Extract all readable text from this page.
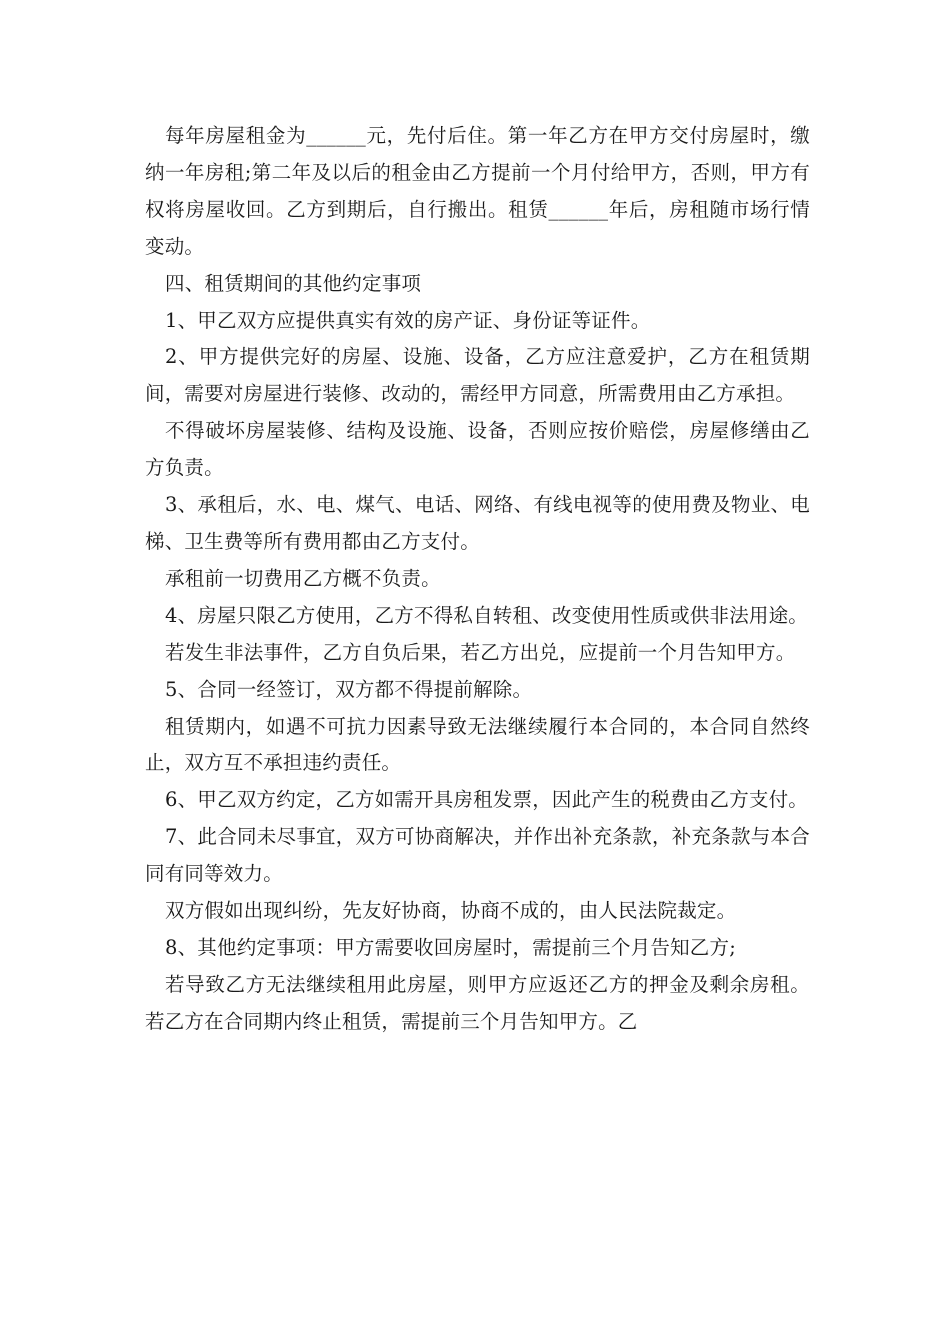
每年房屋租金为______元，先付后住。第一年乙方在甲方交付房屋时，缴纳一年房租;第二年及以后的租金由乙方提前一个月付给甲方，否则，甲方有权将房屋收回。乙方到期后，自行搬出。租赁______年后，房租随市场行情变动。

四、租赁期间的其他约定事项

1、甲乙双方应提供真实有效的房产证、身份证等证件。

2、甲方提供完好的房屋、设施、设备，乙方应注意爱护，乙方在租赁期间，需要对房屋进行装修、改动的，需经甲方同意，所需费用由乙方承担。

不得破坏房屋装修、结构及设施、设备，否则应按价赔偿，房屋修缮由乙方负责。

3、承租后，水、电、煤气、电话、网络、有线电视等的使用费及物业、电梯、卫生费等所有费用都由乙方支付。

承租前一切费用乙方概不负责。

4、房屋只限乙方使用，乙方不得私自转租、改变使用性质或供非法用途。

若发生非法事件，乙方自负后果，若乙方出兑，应提前一个月告知甲方。

5、合同一经签订，双方都不得提前解除。

租赁期内，如遇不可抗力因素导致无法继续履行本合同的，本合同自然终止，双方互不承担违约责任。

6、甲乙双方约定，乙方如需开具房租发票，因此产生的税费由乙方支付。

7、此合同未尽事宜，双方可协商解决，并作出补充条款，补充条款与本合同有同等效力。

双方假如出现纠纷，先友好协商，协商不成的，由人民法院裁定。

8、其他约定事项：甲方需要收回房屋时，需提前三个月告知乙方;

若导致乙方无法继续租用此房屋，则甲方应返还乙方的押金及剩余房租。若乙方在合同期内终止租赁，需提前三个月告知甲方。乙
